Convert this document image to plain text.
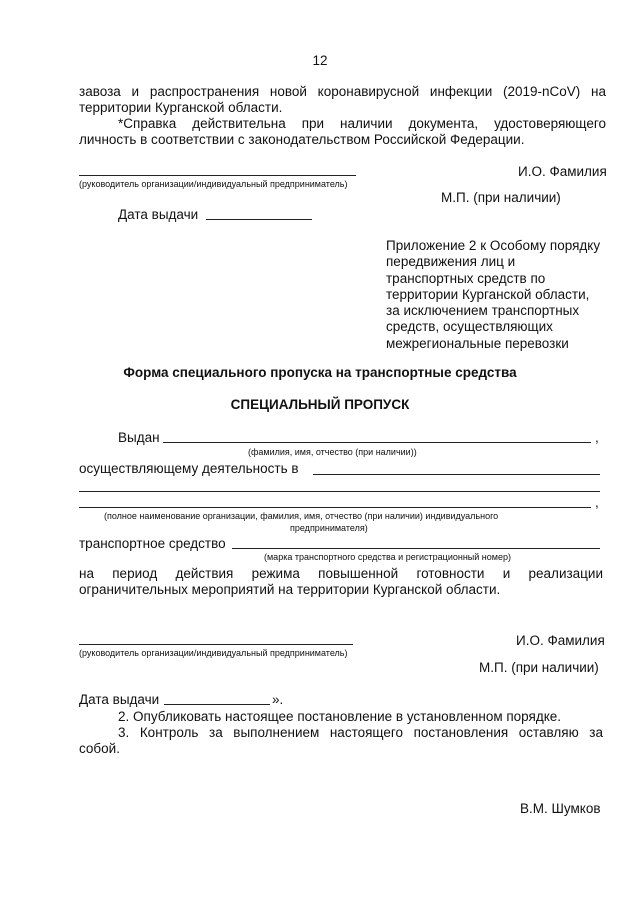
12
завоза и распространения новой коронавирусной инфекции (2019-nCoV) на
территории Курганской области.
*Справка действительна при наличии документа, удостоверяющего
личность в соответствии с законодательством Российской Федерации.
И.О. Фамилия
(руководитель организации/индивидуальный предприниматель)
М.П. (при наличии)
Дата выдачи
Приложение 2 к Особому порядку
передвижения лиц и
транспортных средств по
территории Курганской области,
за исключением транспортных
средств, осуществляющих
межрегиональные перевозки
Форма специального пропуска на транспортные средства
СПЕЦИАЛЬНЫЙ ПРОПУСК
Выдан	,
(фамилия, имя, отчество (при наличии))
осуществляющему деятельность в
,
(полное наименование организации, фамилия, имя, отчество (при наличии) индивидуального
предпринимателя)
транспортное средство
(марка транспортного средства и регистрационный номер)
на период действия режима повышенной готовности и реализации
ограничительных мероприятий на территории Курганской области.
И.О. Фамилия
(руководитель организации/индивидуальный предприниматель)
М.П. (при наличии)
Дата выдачи	».
2. Опубликовать настоящее постановление в установленном порядке.
3. Контроль за выполнением настоящего постановления оставляю за
собой.
В.М. Шумков
